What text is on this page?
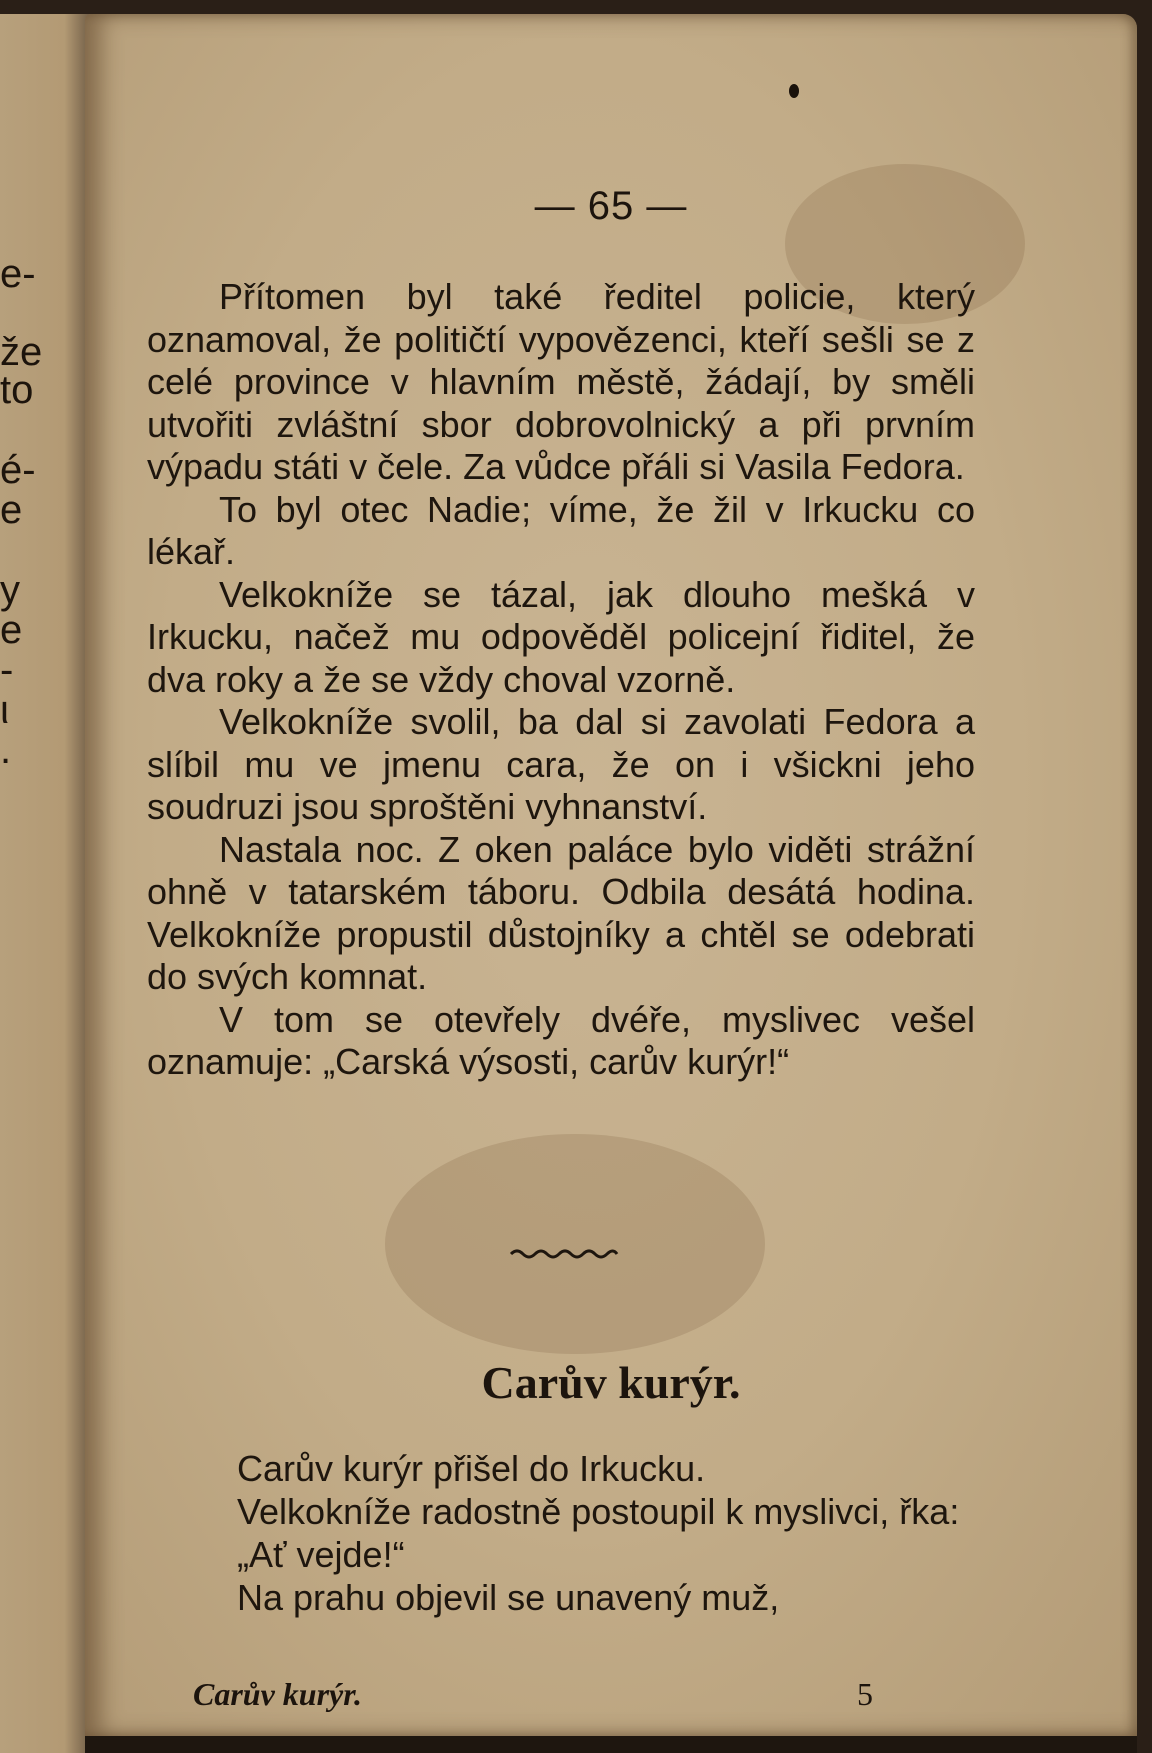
e-
že
to
é-
e
y
e
-
ι
.
— 65 —

Přítomen byl také ředitel policie, který oznamoval, že političtí vypovězenci, kteří sešli se z celé province v hlavním městě, žádají, by směli utvořiti zvláštní sbor dobrovolnický a při prvním výpadu státi v čele. Za vůdce přáli si Vasila Fedora.

To byl otec Nadie; víme, že žil v Irkucku co lékař.

Velkokníže se tázal, jak dlouho mešká v Irkucku, načež mu odpověděl policejní řiditel, že dva roky a že se vždy choval vzorně.

Velkokníže svolil, ba dal si zavolati Fedora a slíbil mu ve jmenu cara, že on i všickni jeho soudruzi jsou sproštěni vyhnanství.

Nastala noc. Z oken paláce bylo viděti strážní ohně v tatarském táboru. Odbila desátá hodina. Velkokníže propustil důstojníky a chtěl se odebrati do svých komnat.

V tom se otevřely dvéře, myslivec vešel oznamuje: „Carská výsosti, carův kurýr!“

Carův kurýr.

Carův kurýr přišel do Irkucku.

Velkokníže radostně postoupil k myslivci, řka:

„Ať vejde!“

Na prahu objevil se unavený muž,

Carův kurýr.	5
